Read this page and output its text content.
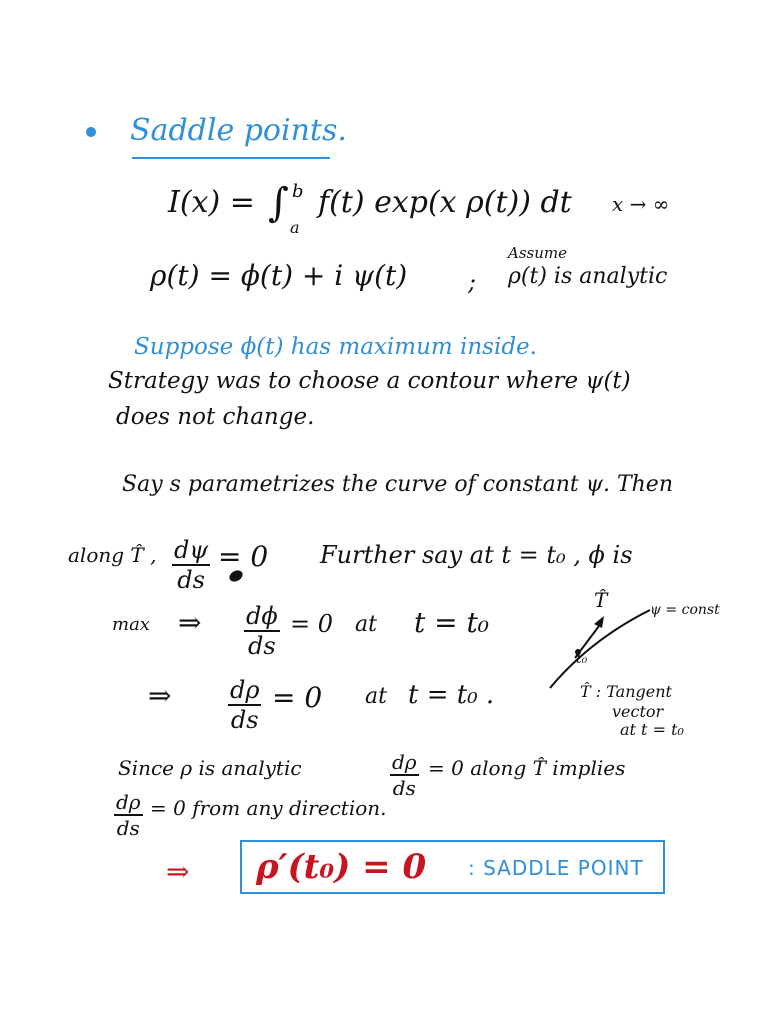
Saddle points.
I(x) = ∫ b
a
f(t) exp(x ρ(t)) dt x → ∞
ρ(t) = ϕ(t) + i ψ(t)	;
Assume
ρ(t) is analytic
Suppose ϕ(t) has maximum inside.
Strategy was to choose a contour where ψ(t)
does not change.
Say s parametrizes the curve of constant ψ. Then
along T̂ , dψ
ds
= 0 Further say at t = t₀ , ϕ is
max ⇒ dϕ
ds
= 0 at t = t₀
⇒ dρ
ds
= 0 at t = t₀ .
T̂	ψ = const
t₀
T̂ : Tangent
vector
at t = t₀
Since ρ is analytic	dρ
ds
= 0 along T̂ implies
dρ
ds
= 0 from any direction.
⇒ ρ′(t₀) = 0 : SADDLE POINT
